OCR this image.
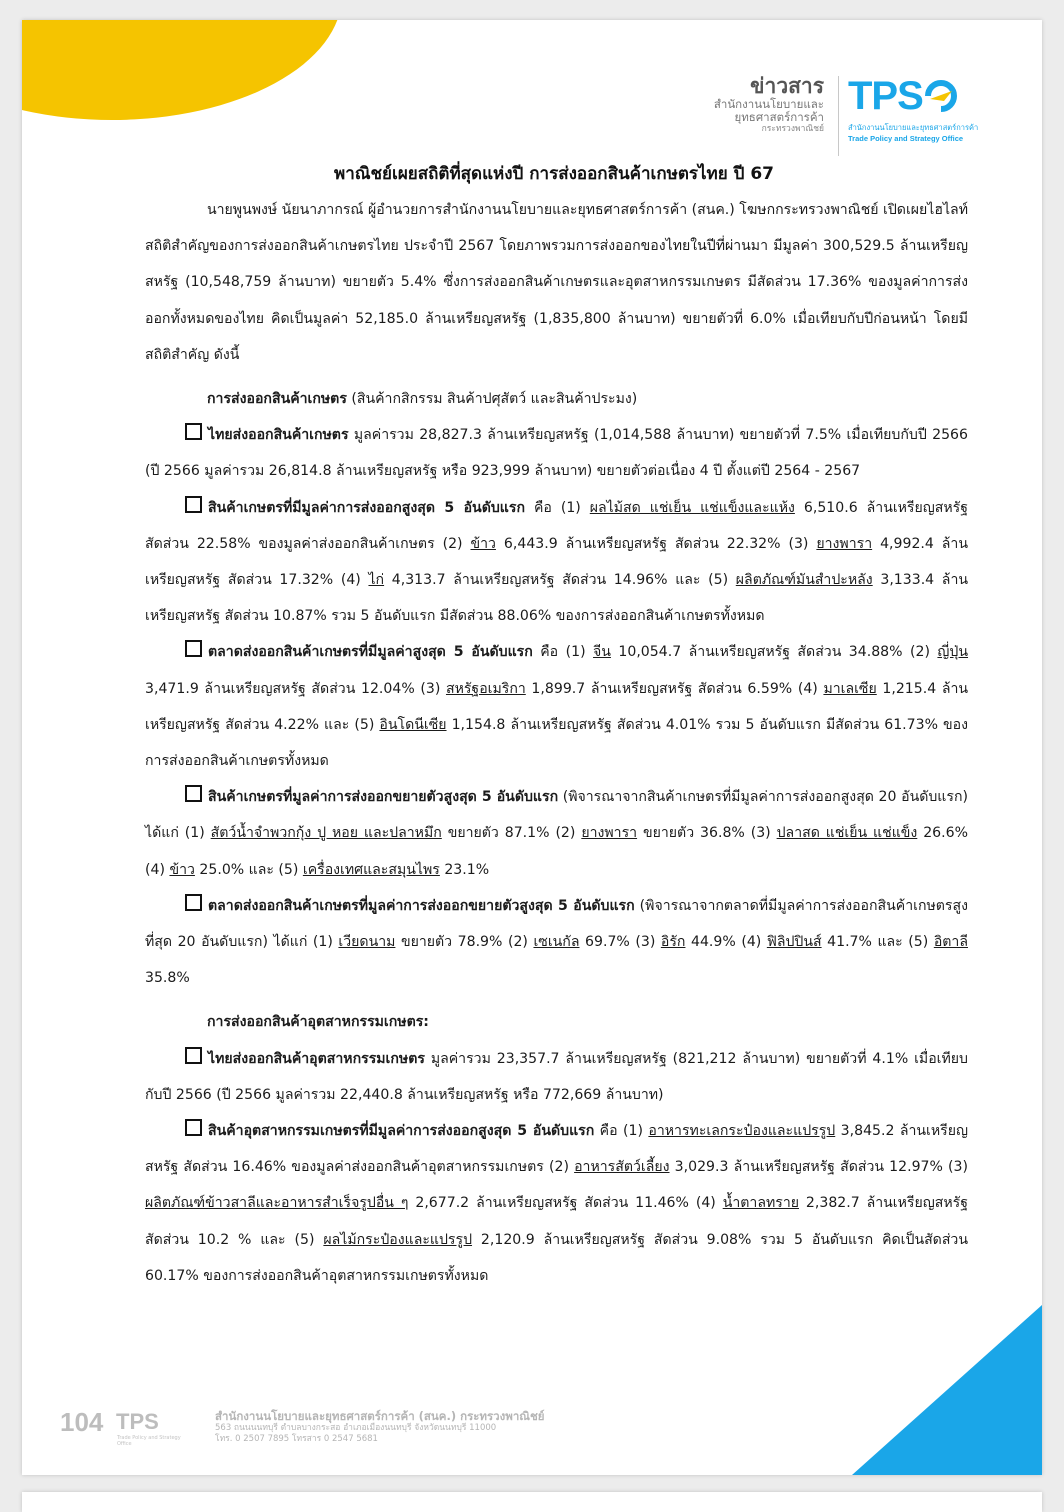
ข่าวสาร
สำนักงานนโยบายและ
ยุทธศาสตร์การค้า
กระทรวงพาณิชย์
TPS
สำนักงานนโยบายและยุทธศาสตร์การค้า
Trade Policy and Strategy Office
พาณิชย์เผยสถิติที่สุดแห่งปี การส่งออกสินค้าเกษตรไทย ปี 67

นายพูนพงษ์ นัยนาภากรณ์ ผู้อำนวยการสำนักงานนโยบายและยุทธศาสตร์การค้า (สนค.) โฆษกกระทรวงพาณิชย์ เปิดเผยไฮไลท์สถิติสำคัญของการส่งออกสินค้าเกษตรไทย ประจำปี 2567 โดยภาพรวมการส่งออกของไทยในปีที่ผ่านมา มีมูลค่า 300,529.5 ล้านเหรียญสหรัฐ (10,548,759 ล้านบาท) ขยายตัว 5.4% ซึ่งการส่งออกสินค้าเกษตรและอุตสาหกรรมเกษตร มีสัดส่วน 17.36% ของมูลค่าการส่งออกทั้งหมดของไทย คิดเป็นมูลค่า 52,185.0 ล้านเหรียญสหรัฐ (1,835,800 ล้านบาท) ขยายตัวที่ 6.0% เมื่อเทียบกับปีก่อนหน้า โดยมีสถิติสำคัญ ดังนี้

การส่งออกสินค้าเกษตร (สินค้ากสิกรรม สินค้าปศุสัตว์ และสินค้าประมง)

ไทยส่งออกสินค้าเกษตร มูลค่ารวม 28,827.3 ล้านเหรียญสหรัฐ (1,014,588 ล้านบาท) ขยายตัวที่ 7.5% เมื่อเทียบกับปี 2566 (ปี 2566 มูลค่ารวม 26,814.8 ล้านเหรียญสหรัฐ หรือ 923,999 ล้านบาท) ขยายตัวต่อเนื่อง 4 ปี ตั้งแต่ปี 2564 - 2567

สินค้าเกษตรที่มีมูลค่าการส่งออกสูงสุด 5 อันดับแรก คือ (1) ผลไม้สด แช่เย็น แช่แข็งและแห้ง 6,510.6 ล้านเหรียญสหรัฐ สัดส่วน 22.58% ของมูลค่าส่งออกสินค้าเกษตร (2) ข้าว 6,443.9 ล้านเหรียญสหรัฐ สัดส่วน 22.32% (3) ยางพารา 4,992.4 ล้านเหรียญสหรัฐ สัดส่วน 17.32% (4) ไก่ 4,313.7 ล้านเหรียญสหรัฐ สัดส่วน 14.96% และ (5) ผลิตภัณฑ์มันสำปะหลัง 3,133.4 ล้านเหรียญสหรัฐ สัดส่วน 10.87% รวม 5 อันดับแรก มีสัดส่วน 88.06% ของการส่งออกสินค้าเกษตรทั้งหมด

ตลาดส่งออกสินค้าเกษตรที่มีมูลค่าสูงสุด 5 อันดับแรก คือ (1) จีน 10,054.7 ล้านเหรียญสหรัฐ สัดส่วน 34.88% (2) ญี่ปุ่น 3,471.9 ล้านเหรียญสหรัฐ สัดส่วน 12.04% (3) สหรัฐอเมริกา 1,899.7 ล้านเหรียญสหรัฐ สัดส่วน 6.59% (4) มาเลเซีย 1,215.4 ล้านเหรียญสหรัฐ สัดส่วน 4.22% และ (5) อินโดนีเซีย 1,154.8 ล้านเหรียญสหรัฐ สัดส่วน 4.01% รวม 5 อันดับแรก มีสัดส่วน 61.73% ของการส่งออกสินค้าเกษตรทั้งหมด

สินค้าเกษตรที่มูลค่าการส่งออกขยายตัวสูงสุด 5 อันดับแรก (พิจารณาจากสินค้าเกษตรที่มีมูลค่าการส่งออกสูงสุด 20 อันดับแรก) ได้แก่ (1) สัตว์น้ำจำพวกกุ้ง ปู หอย และปลาหมึก ขยายตัว 87.1% (2) ยางพารา ขยายตัว 36.8% (3) ปลาสด แช่เย็น แช่แข็ง 26.6% (4) ข้าว 25.0% และ (5) เครื่องเทศและสมุนไพร 23.1%

ตลาดส่งออกสินค้าเกษตรที่มูลค่าการส่งออกขยายตัวสูงสุด 5 อันดับแรก (พิจารณาจากตลาดที่มีมูลค่าการส่งออกสินค้าเกษตรสูงที่สุด 20 อันดับแรก) ได้แก่ (1) เวียดนาม ขยายตัว 78.9% (2) เซเนกัล 69.7% (3) อิรัก 44.9% (4) ฟิลิปปินส์ 41.7% และ (5) อิตาลี 35.8%

การส่งออกสินค้าอุตสาหกรรมเกษตร:

ไทยส่งออกสินค้าอุตสาหกรรมเกษตร มูลค่ารวม 23,357.7 ล้านเหรียญสหรัฐ (821,212 ล้านบาท) ขยายตัวที่ 4.1% เมื่อเทียบกับปี 2566 (ปี 2566 มูลค่ารวม 22,440.8 ล้านเหรียญสหรัฐ หรือ 772,669 ล้านบาท)

สินค้าอุตสาหกรรมเกษตรที่มีมูลค่าการส่งออกสูงสุด 5 อันดับแรก คือ (1) อาหารทะเลกระป๋องและแปรรูป 3,845.2 ล้านเหรียญสหรัฐ สัดส่วน 16.46% ของมูลค่าส่งออกสินค้าอุตสาหกรรมเกษตร (2) อาหารสัตว์เลี้ยง 3,029.3 ล้านเหรียญสหรัฐ สัดส่วน 12.97% (3) ผลิตภัณฑ์ข้าวสาลีและอาหารสำเร็จรูปอื่น ๆ 2,677.2 ล้านเหรียญสหรัฐ สัดส่วน 11.46% (4) น้ำตาลทราย 2,382.7 ล้านเหรียญสหรัฐ สัดส่วน 10.2 % และ (5) ผลไม้กระป๋องและแปรรูป 2,120.9 ล้านเหรียญสหรัฐ สัดส่วน 9.08% รวม 5 อันดับแรก คิดเป็นสัดส่วน 60.17% ของการส่งออกสินค้าอุตสาหกรรมเกษตรทั้งหมด

104 TPS
Trade Policy and Strategy Office
สำนักงานนโยบายและยุทธศาสตร์การค้า (สนค.) กระทรวงพาณิชย์
563 ถนนนนทบุรี ตำบลบางกระสอ อำเภอเมืองนนทบุรี จังหวัดนนทบุรี 11000
โทร. 0 2507 7895 โทรสาร 0 2547 5681
